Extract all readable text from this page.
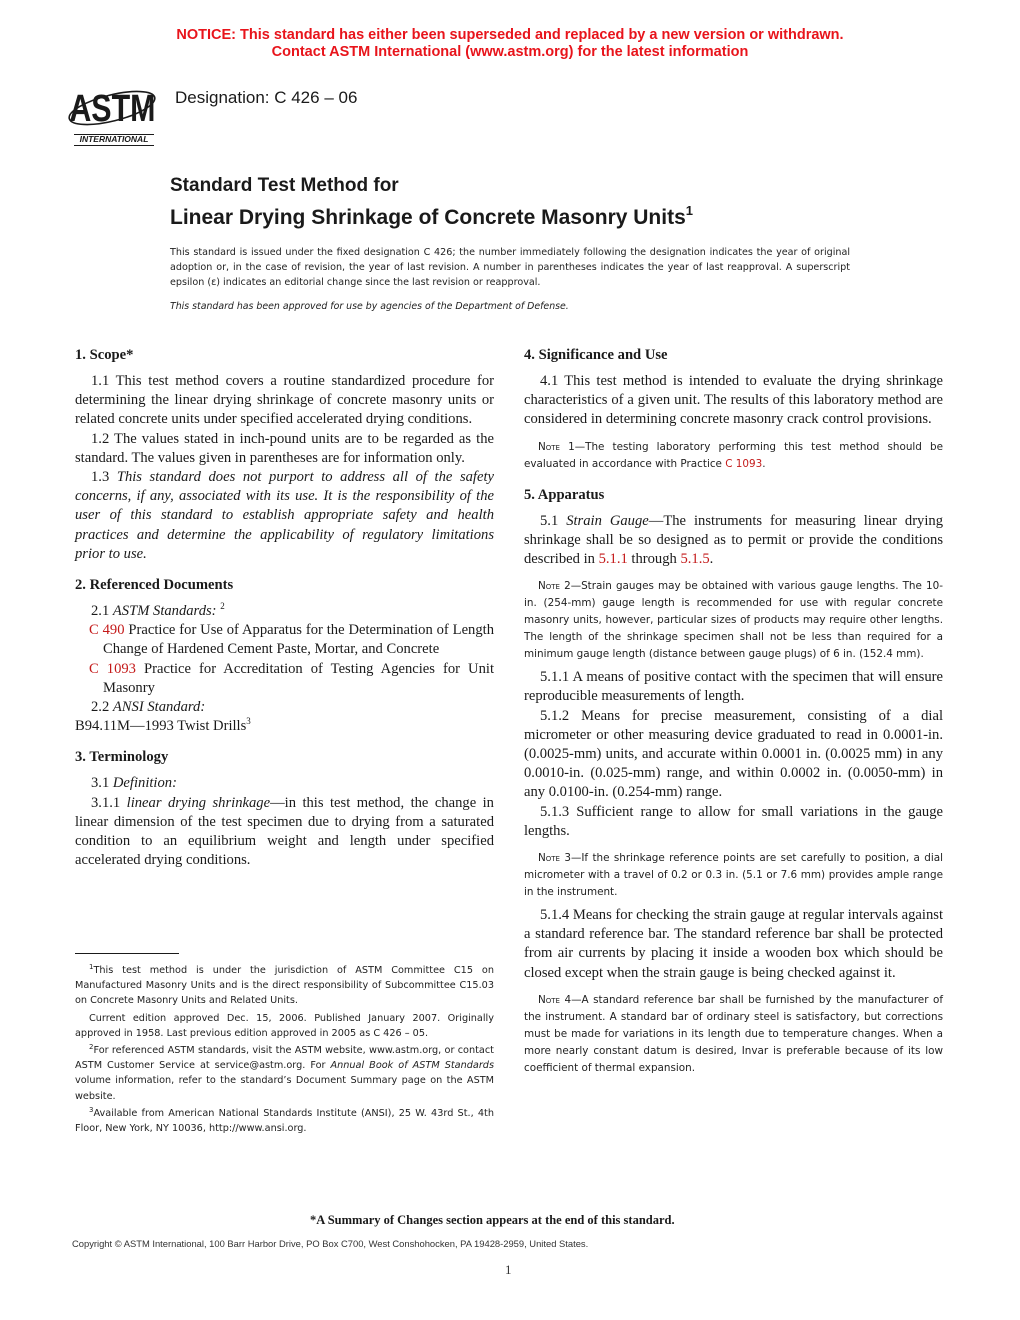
NOTICE: This standard has either been superseded and replaced by a new version or withdrawn.
Contact ASTM International (www.astm.org) for the latest information
ASTM
INTERNATIONAL
Designation: C 426 – 06
Standard Test Method for
Linear Drying Shrinkage of Concrete Masonry Units$^1$
This standard is issued under the fixed designation C 426; the number immediately following the designation indicates the year of original adoption or, in the case of revision, the year of last revision. A number in parentheses indicates the year of last reapproval. A superscript epsilon (ε) indicates an editorial change since the last revision or reapproval.
This standard has been approved for use by agencies of the Department of Defense.
1. Scope*

1.1 This test method covers a routine standardized procedure for determining the linear drying shrinkage of concrete masonry units or related concrete units under specified accelerated drying conditions.

1.2 The values stated in inch-pound units are to be regarded as the standard. The values given in parentheses are for information only.

1.3 This standard does not purport to address all of the safety concerns, if any, associated with its use. It is the responsibility of the user of this standard to establish appropriate safety and health practices and determine the applicability of regulatory limitations prior to use.

2. Referenced Documents

2.1 ASTM Standards: $^2$

C 490 Practice for Use of Apparatus for the Determination of Length Change of Hardened Cement Paste, Mortar, and Concrete

C 1093 Practice for Accreditation of Testing Agencies for Unit Masonry

2.2 ANSI Standard:

B94.11M—1993 Twist Drills$^3$

3. Terminology

3.1 Definition:

3.1.1 linear drying shrinkage—in this test method, the change in linear dimension of the test specimen due to drying from a saturated condition to an equilibrium weight and length under specified accelerated drying conditions.

$^1$This test method is under the jurisdiction of ASTM Committee C15 on Manufactured Masonry Units and is the direct responsibility of Subcommittee C15.03 on Concrete Masonry Units and Related Units.

Current edition approved Dec. 15, 2006. Published January 2007. Originally approved in 1958. Last previous edition approved in 2005 as C 426 – 05.

$^2$For referenced ASTM standards, visit the ASTM website, www.astm.org, or contact ASTM Customer Service at service@astm.org. For Annual Book of ASTM Standards volume information, refer to the standard’s Document Summary page on the ASTM website.

$^3$Available from American National Standards Institute (ANSI), 25 W. 43rd St., 4th Floor, New York, NY 10036, http://www.ansi.org.

4. Significance and Use

4.1 This test method is intended to evaluate the drying shrinkage characteristics of a given unit. The results of this laboratory method are considered in determining concrete masonry crack control provisions.

Note 1—The testing laboratory performing this test method should be evaluated in accordance with Practice C 1093.

5. Apparatus

5.1 Strain Gauge—The instruments for measuring linear drying shrinkage shall be so designed as to permit or provide the conditions described in 5.1.1 through 5.1.5.

Note 2—Strain gauges may be obtained with various gauge lengths. The 10-in. (254-mm) gauge length is recommended for use with regular concrete masonry units, however, particular sizes of products may require other lengths. The length of the shrinkage specimen shall not be less than required for a minimum gauge length (distance between gauge plugs) of 6 in. (152.4 mm).

5.1.1 A means of positive contact with the specimen that will ensure reproducible measurements of length.

5.1.2 Means for precise measurement, consisting of a dial micrometer or other measuring device graduated to read in 0.0001-in. (0.0025-mm) units, and accurate within 0.0001 in. (0.0025 mm) in any 0.0010-in. (0.025-mm) range, and within 0.0002 in. (0.0050-mm) in any 0.0100-in. (0.254-mm) range.

5.1.3 Sufficient range to allow for small variations in the gauge lengths.

Note 3—If the shrinkage reference points are set carefully to position, a dial micrometer with a travel of 0.2 or 0.3 in. (5.1 or 7.6 mm) provides ample range in the instrument.

5.1.4 Means for checking the strain gauge at regular intervals against a standard reference bar. The standard reference bar shall be protected from air currents by placing it inside a wooden box which should be closed except when the strain gauge is being checked against it.

Note 4—A standard reference bar shall be furnished by the manufacturer of the instrument. A standard bar of ordinary steel is satisfactory, but corrections must be made for variations in its length due to temperature changes. When a more nearly constant datum is desired, Invar is preferable because of its low coefficient of thermal expansion.

*A Summary of Changes section appears at the end of this standard.
Copyright © ASTM International, 100 Barr Harbor Drive, PO Box C700, West Conshohocken, PA 19428-2959, United States.
1
